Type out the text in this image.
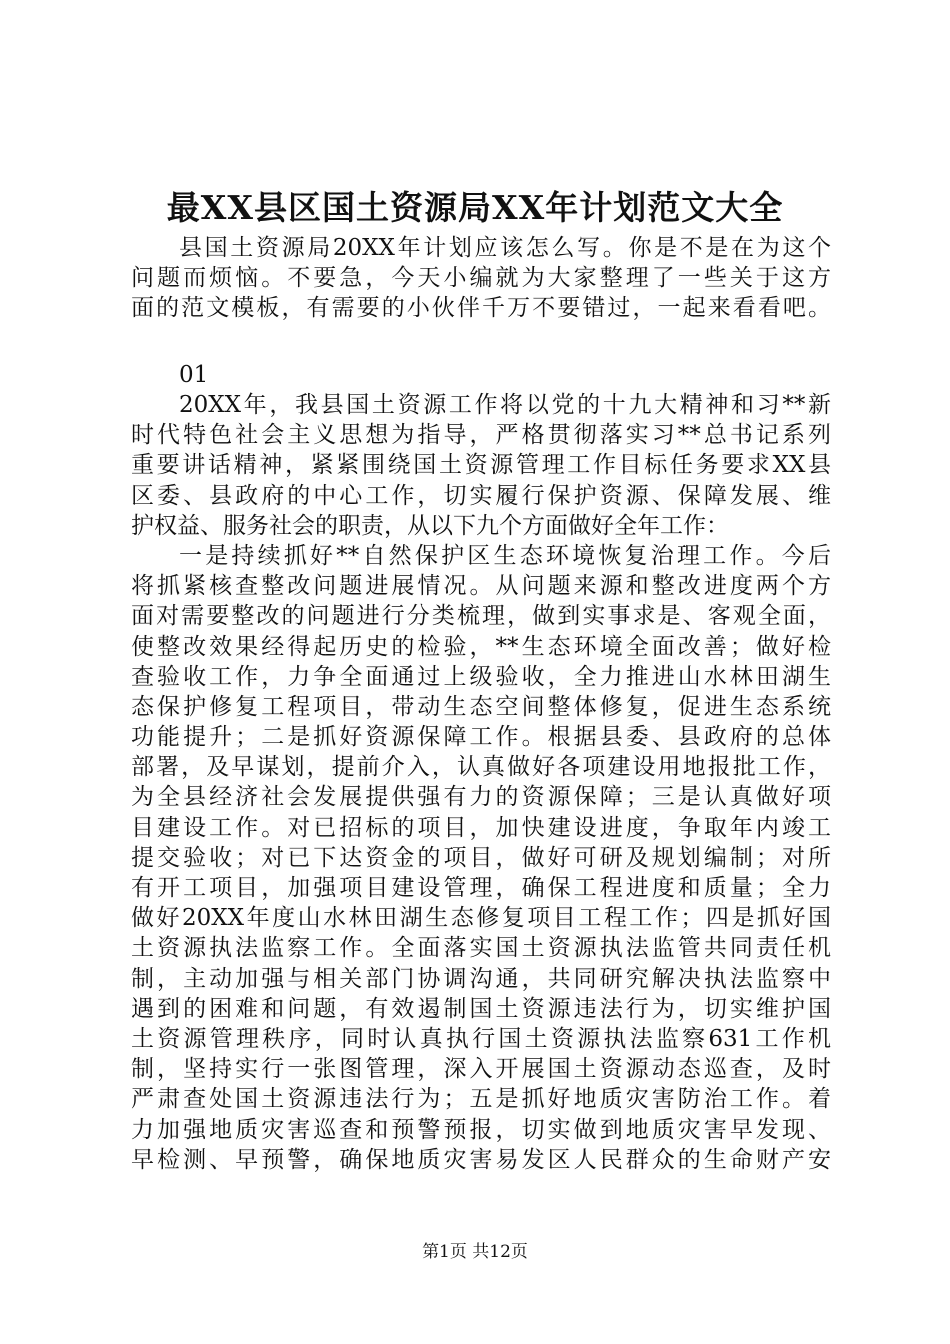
最XX县区国土资源局XX年计划范文大全
县国土资源局20XX年计划应该怎么写。你是不是在为这个
问题而烦恼。不要急，今天小编就为大家整理了一些关于这方
面的范文模板，有需要的小伙伴千万不要错过，一起来看看吧。
01
20XX年，我县国土资源工作将以党的十九大精神和习**新
时代特色社会主义思想为指导，严格贯彻落实习**总书记系列
重要讲话精神，紧紧围绕国土资源管理工作目标任务要求XX县
区委、县政府的中心工作，切实履行保护资源、保障发展、维
护权益、服务社会的职责，从以下九个方面做好全年工作：
一是持续抓好**自然保护区生态环境恢复治理工作。今后
将抓紧核查整改问题进展情况。从问题来源和整改进度两个方
面对需要整改的问题进行分类梳理，做到实事求是、客观全面，
使整改效果经得起历史的检验，**生态环境全面改善；做好检
查验收工作，力争全面通过上级验收，全力推进山水林田湖生
态保护修复工程项目，带动生态空间整体修复，促进生态系统
功能提升；二是抓好资源保障工作。根据县委、县政府的总体
部署，及早谋划，提前介入，认真做好各项建设用地报批工作，
为全县经济社会发展提供强有力的资源保障；三是认真做好项
目建设工作。对已招标的项目，加快建设进度，争取年内竣工
提交验收；对已下达资金的项目，做好可研及规划编制；对所
有开工项目，加强项目建设管理，确保工程进度和质量；全力
做好20XX年度山水林田湖生态修复项目工程工作；四是抓好国
土资源执法监察工作。全面落实国土资源执法监管共同责任机
制，主动加强与相关部门协调沟通，共同研究解决执法监察中
遇到的困难和问题，有效遏制国土资源违法行为，切实维护国
土资源管理秩序，同时认真执行国土资源执法监察631工作机
制，坚持实行一张图管理，深入开展国土资源动态巡查，及时
严肃查处国土资源违法行为；五是抓好地质灾害防治工作。着
力加强地质灾害巡查和预警预报，切实做到地质灾害早发现、
早检测、早预警，确保地质灾害易发区人民群众的生命财产安
第1页 共12页
